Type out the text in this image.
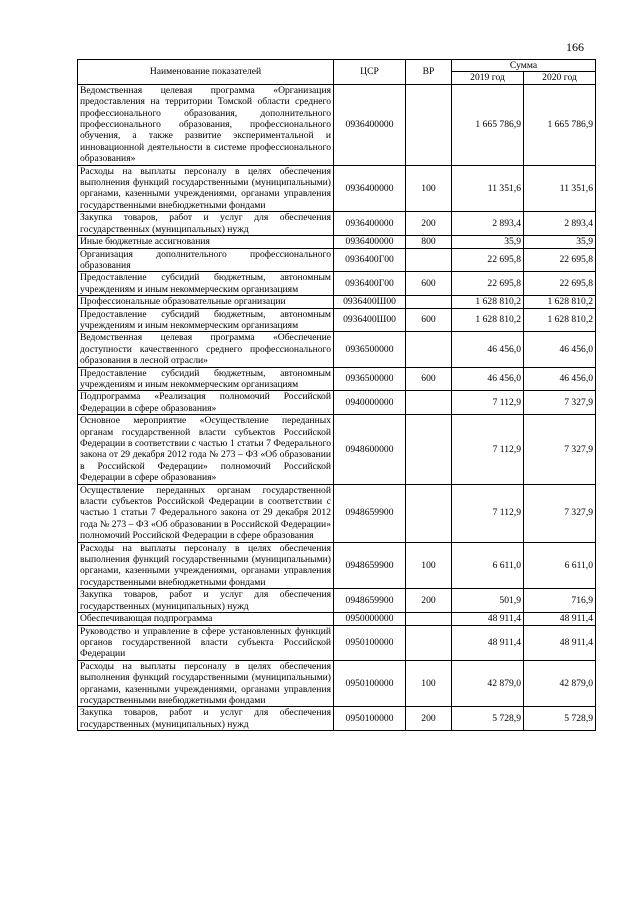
166
Наименование показателей	ЦСР	ВР	Сумма	
			2019 год	2020 год
Ведомственная целевая программа «Организация предоставления на территории Томской области среднего профессионального образования, дополнительного профессионального образования, профессионального обучения, а также развитие экспериментальной и инновационной деятельности в системе профессионального образования»	0936400000		1 665 786,9	1 665 786,9
Расходы на выплаты персоналу в целях обеспечения выполнения функций государственными (муниципальными) органами, казенными учреждениями, органами управления государственными внебюджетными фондами	0936400000	100	11 351,6	11 351,6
Закупка товаров, работ и услуг для обеспечения государственных (муниципальных) нужд	0936400000	200	2 893,4	2 893,4
Иные бюджетные ассигнования	0936400000	800	35,9	35,9
Организация дополнительного профессионального образования	0936400Г00		22 695,8	22 695,8
Предоставление субсидий бюджетным, автономным учреждениям и иным некоммерческим организациям	0936400Г00	600	22 695,8	22 695,8
Профессиональные образовательные организации	0936400Ш00		1 628 810,2	1 628 810,2
Предоставление субсидий бюджетным, автономным учреждениям и иным некоммерческим организациям	0936400Ш00	600	1 628 810,2	1 628 810,2
Ведомственная целевая программа «Обеспечение доступности качественного среднего профессионального образования в лесной отрасли»	0936500000		46 456,0	46 456,0
Предоставление субсидий бюджетным, автономным учреждениям и иным некоммерческим организациям	0936500000	600	46 456,0	46 456,0
Подпрограмма «Реализация полномочий Российской Федерации в сфере образования»	0940000000		7 112,9	7 327,9
Основное мероприятие «Осуществление переданных органам государственной власти субъектов Российской Федерации в соответствии с частью 1 статьи 7 Федерального закона от 29 декабря 2012 года № 273 – ФЗ «Об образовании в Российской Федерации» полномочий Российской Федерации в сфере образования»	0948600000		7 112,9	7 327,9
Осуществление переданных органам государственной власти субъектов Российской Федерации в соответствии с частью 1 статьи 7 Федерального закона от 29 декабря 2012 года № 273 – ФЗ «Об образовании в Российской Федерации» полномочий Российской Федерации в сфере образования	0948659900		7 112,9	7 327,9
Расходы на выплаты персоналу в целях обеспечения выполнения функций государственными (муниципальными) органами, казенными учреждениями, органами управления государственными внебюджетными фондами	0948659900	100	6 611,0	6 611,0
Закупка товаров, работ и услуг для обеспечения государственных (муниципальных) нужд	0948659900	200	501,9	716,9
Обеспечивающая подпрограмма	0950000000		48 911,4	48 911,4
Руководство и управление в сфере установленных функций органов государственной власти субъекта Российской Федерации	0950100000		48 911,4	48 911,4
Расходы на выплаты персоналу в целях обеспечения выполнения функций государственными (муниципальными) органами, казенными учреждениями, органами управления государственными внебюджетными фондами	0950100000	100	42 879,0	42 879,0
Закупка товаров, работ и услуг для обеспечения государственных (муниципальных) нужд	0950100000	200	5 728,9	5 728,9
